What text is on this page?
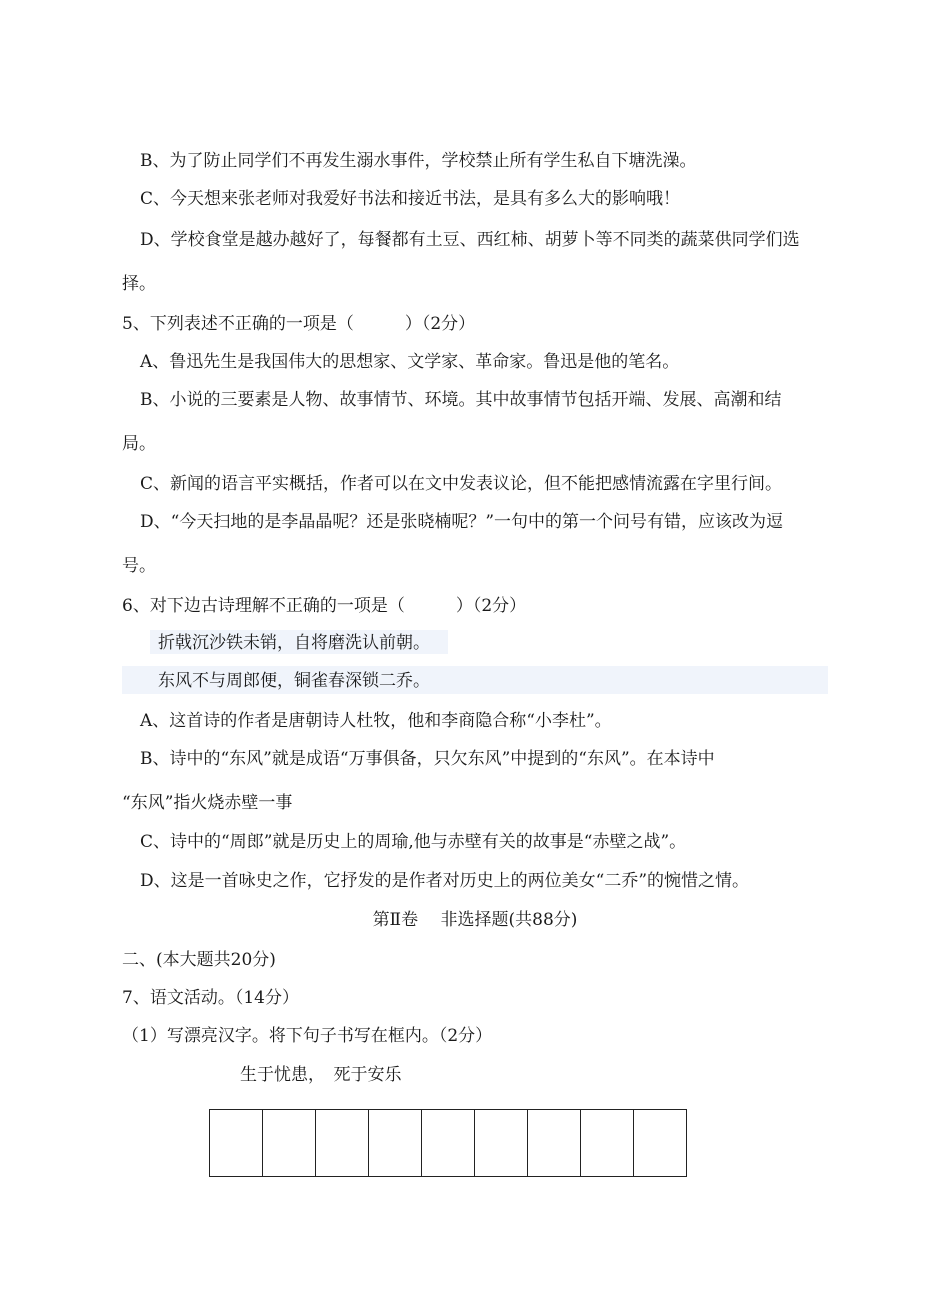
B、为了防止同学们不再发生溺水事件，学校禁止所有学生私自下塘洗澡。
C、今天想来张老师对我爱好书法和接近书法，是具有多么大的影响哦！
D、学校食堂是越办越好了，每餐都有土豆、西红柿、胡萝卜等不同类的蔬菜供同学们选
择。
5、下列表述不正确的一项是（　　　）（2分）
A、鲁迅先生是我国伟大的思想家、文学家、革命家。鲁迅是他的笔名。
B、小说的三要素是人物、故事情节、环境。其中故事情节包括开端、发展、高潮和结
局。
C、新闻的语言平实概括，作者可以在文中发表议论，但不能把感情流露在字里行间。
D、“今天扫地的是李晶晶呢？还是张晓楠呢？”一句中的第一个问号有错，应该改为逗
号。
6、对下边古诗理解不正确的一项是（　　　）（2分）
折戟沉沙铁未销，自将磨洗认前朝。
东风不与周郎便，铜雀春深锁二乔。
A、这首诗的作者是唐朝诗人杜牧，他和李商隐合称“小李杜”。
B、诗中的“东风”就是成语“万事俱备，只欠东风”中提到的“东风”。在本诗中
“东风”指火烧赤壁一事
C、诗中的“周郎”就是历史上的周瑜,他与赤壁有关的故事是“赤壁之战”。
D、这是一首咏史之作，它抒发的是作者对历史上的两位美女“二乔”的惋惜之情。
第Ⅱ卷　 非选择题(共88分)
二、(本大题共20分)
7、语文活动。（14分）
（1）写漂亮汉字。将下句子书写在框内。（2分）
生于忧患，　死于安乐
